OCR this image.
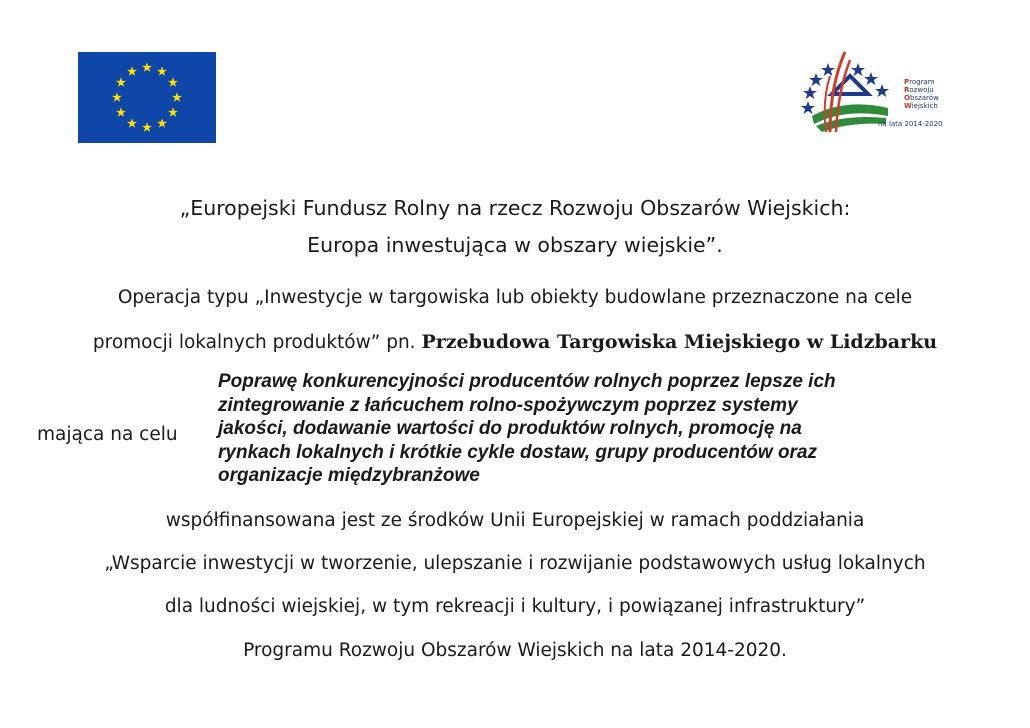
Program
Rozwoju
Obszarów
Wiejskich
na lata 2014-2020
„Europejski Fundusz Rolny na rzecz Rozwoju Obszarów Wiejskich:
Europa inwestująca w obszary wiejskie”.
Operacja typu „Inwestycje w targowiska lub obiekty budowlane przeznaczone na cele
promocji lokalnych produktów” pn. Przebudowa Targowiska Miejskiego w Lidzbarku
mająca na celu
Poprawę konkurencyjności producentów rolnych poprzez lepsze ich
zintegrowanie z łańcuchem rolno-spożywczym poprzez systemy
jakości, dodawanie wartości do produktów rolnych, promocję na
rynkach lokalnych i krótkie cykle dostaw, grupy producentów oraz
organizacje międzybranżowe
współfinansowana jest ze środków Unii Europejskiej w ramach poddziałania
„Wsparcie inwestycji w tworzenie, ulepszanie i rozwijanie podstawowych usług lokalnych
dla ludności wiejskiej, w tym rekreacji i kultury, i powiązanej infrastruktury”
Programu Rozwoju Obszarów Wiejskich na lata 2014-2020.
